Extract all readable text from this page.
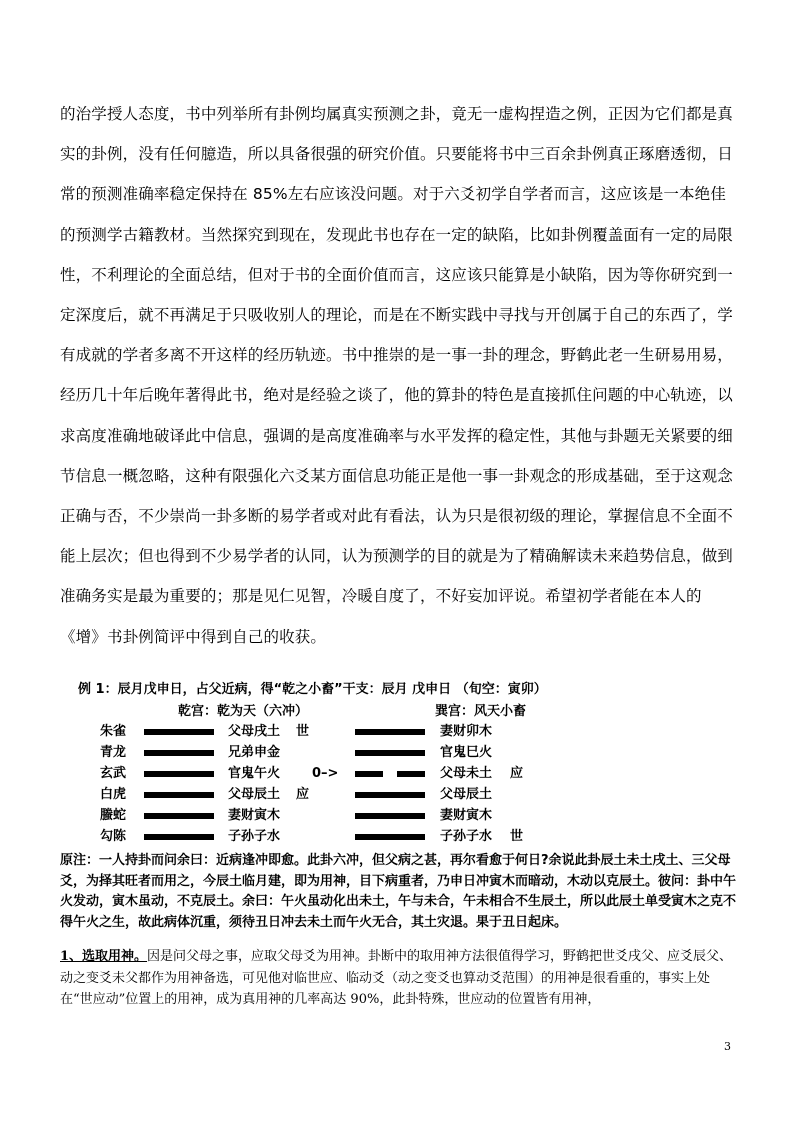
的治学授人态度，书中列举所有卦例均属真实预测之卦，竟无一虚构捏造之例，正因为它们都是真实的卦例，没有任何臆造，所以具备很强的研究价值。只要能将书中三百余卦例真正琢磨透彻，日常的预测准确率稳定保持在 85%左右应该没问题。对于六爻初学自学者而言，这应该是一本绝佳的预测学古籍教材。当然探究到现在，发现此书也存在一定的缺陷，比如卦例覆盖面有一定的局限性，不利理论的全面总结，但对于书的全面价值而言，这应该只能算是小缺陷，因为等你研究到一定深度后，就不再满足于只吸收别人的理论，而是在不断实践中寻找与开创属于自己的东西了，学有成就的学者多离不开这样的经历轨迹。书中推崇的是一事一卦的理念，野鹤此老一生研易用易，经历几十年后晚年著得此书，绝对是经验之谈了，他的算卦的特色是直接抓住问题的中心轨迹，以求高度准确地破译此中信息，强调的是高度准确率与水平发挥的稳定性，其他与卦题无关紧要的细节信息一概忽略，这种有限强化六爻某方面信息功能正是他一事一卦观念的形成基础，至于这观念正确与否，不少崇尚一卦多断的易学者或对此有看法，认为只是很初级的理论，掌握信息不全面不能上层次；但也得到不少易学者的认同，认为预测学的目的就是为了精确解读未来趋势信息，做到准确务实是最为重要的；那是见仁见智，冷暖自度了，不好妄加评说。希望初学者能在本人的《增》书卦例简评中得到自己的收获。

例 1：辰月戊申日，占父近病，得“乾之小畜”干支：辰月 戊申日 （旬空：寅卯）
乾宫：乾为天（六冲）	巽宫：风天小畜
朱雀	父母戌土 世	妻财卯木
青龙	兄弟申金	官鬼巳火
玄武	官鬼午火 0–>	父母未土 应
白虎	父母辰土 应	父母辰土
螣蛇	妻财寅木	妻财寅木
勾陈	子孙子水	子孙子水 世
原注：一人持卦而问余曰：近病逢冲即愈。此卦六冲，但父病之甚，再尔看愈于何日?余说此卦辰土未土戌土、三父母爻，为择其旺者而用之，今辰土临月建，即为用神，目下病重者，乃申日冲寅木而暗动，木动以克辰土。彼问：卦中午火发动，寅木虽动，不克辰土。余曰：午火虽动化出未土，午与未合，午未相合不生辰土，所以此辰土单受寅木之克不得午火之生，故此病体沉重，须待丑日冲去未土而午火无合，其土灾退。果于丑日起床。
1、选取用神。因是问父母之事，应取父母爻为用神。卦断中的取用神方法很值得学习，野鹤把世爻戌父、应爻辰父、动之变爻未父都作为用神备选，可见他对临世应、临动爻（动之变爻也算动爻范围）的用神是很看重的，事实上处在“世应动”位置上的用神，成为真用神的几率高达 90%，此卦特殊，世应动的位置皆有用神，
3
